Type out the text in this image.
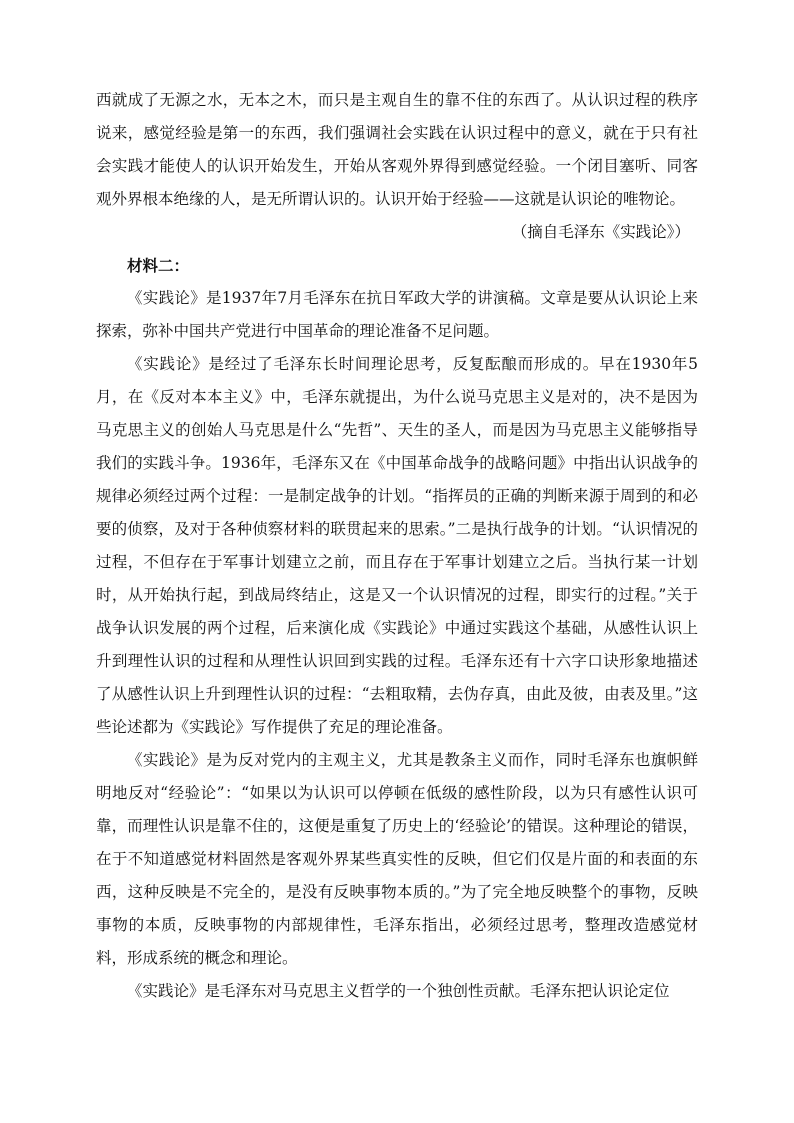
西就成了无源之水，无本之木，而只是主观自生的靠不住的东西了。从认识过程的秩序说来，感觉经验是第一的东西，我们强调社会实践在认识过程中的意义，就在于只有社会实践才能使人的认识开始发生，开始从客观外界得到感觉经验。一个闭目塞听、同客观外界根本绝缘的人，是无所谓认识的。认识开始于经验——这就是认识论的唯物论。

（摘自毛泽东《实践论》）

材料二：

《实践论》是1937年7月毛泽东在抗日军政大学的讲演稿。文章是要从认识论上来探索，弥补中国共产党进行中国革命的理论准备不足问题。

《实践论》是经过了毛泽东长时间理论思考，反复酝酿而形成的。早在1930年5月，在《反对本本主义》中，毛泽东就提出，为什么说马克思主义是对的，决不是因为马克思主义的创始人马克思是什么“先哲”、天生的圣人，而是因为马克思主义能够指导我们的实践斗争。1936年，毛泽东又在《中国革命战争的战略问题》中指出认识战争的规律必须经过两个过程：一是制定战争的计划。“指挥员的正确的判断来源于周到的和必要的侦察，及对于各种侦察材料的联贯起来的思索。”二是执行战争的计划。“认识情况的过程，不但存在于军事计划建立之前，而且存在于军事计划建立之后。当执行某一计划时，从开始执行起，到战局终结止，这是又一个认识情况的过程，即实行的过程。”关于战争认识发展的两个过程，后来演化成《实践论》中通过实践这个基础，从感性认识上升到理性认识的过程和从理性认识回到实践的过程。毛泽东还有十六字口诀形象地描述了从感性认识上升到理性认识的过程：“去粗取精，去伪存真，由此及彼，由表及里。”这些论述都为《实践论》写作提供了充足的理论准备。

《实践论》是为反对党内的主观主义，尤其是教条主义而作，同时毛泽东也旗帜鲜明地反对“经验论”：“如果以为认识可以停顿在低级的感性阶段，以为只有感性认识可靠，而理性认识是靠不住的，这便是重复了历史上的‘经验论’的错误。这种理论的错误，在于不知道感觉材料固然是客观外界某些真实性的反映，但它们仅是片面的和表面的东西，这种反映是不完全的，是没有反映事物本质的。”为了完全地反映整个的事物，反映事物的本质，反映事物的内部规律性，毛泽东指出，必须经过思考，整理改造感觉材料，形成系统的概念和理论。

《实践论》是毛泽东对马克思主义哲学的一个独创性贡献。毛泽东把认识论定位
